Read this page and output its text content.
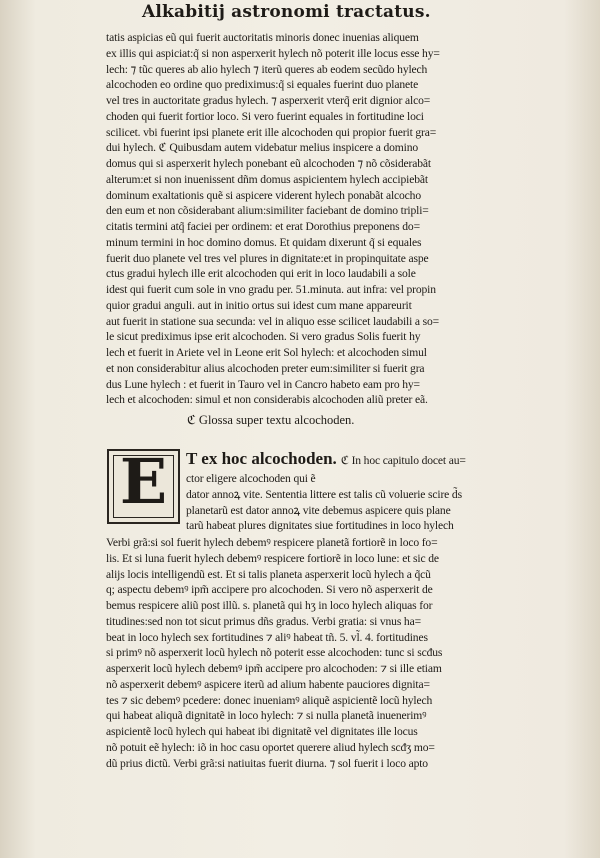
Alkabitij astronomi tractatus.
tatis aspicias eũ qui fuerit auctoritatis minoris donec inuenias aliquem
ex illis qui aspiciat:q̃ si non asperxerit hylech nõ poterit ille locus esse hy=
lech: ⁊ tũc queres ab alio hylech ⁊ iterũ queres ab eodem secũdo hylech
alcochoden eo ordine quo prediximus:q̃ si equales fuerint duo planete
vel tres in auctoritate gradus hylech. ⁊ asperxerit vterq̃ erit dignior alco=
choden qui fuerit fortior loco. Si vero fuerint equales in fortitudine loci
scilicet. vbi fuerint ipsi planete erit ille alcochoden qui propior fuerit gra=
dui hylech. ℭ Quibusdam autem videbatur melius inspicere a domino
domus qui si asperxerit hylech ponebant eũ alcochoden ⁊ nõ cõsiderabãt
alterum:et si non inuenissent dñm domus aspicientem hylech accipiebãt
dominum exaltationis quẽ si aspicere viderent hylech ponabãt alcocho
den eum et non cõsiderabant alium:similiter faciebant de domino tripli=
citatis termini atq̃ faciei per ordinem: et erat Dorothius preponens do=
minum termini in hoc domino domus. Et quidam dixerunt q̃ si equales
fuerit duo planete vel tres vel plures in dignitate:et in propinquitate aspe
ctus gradui hylech ille erit alcochoden qui erit in loco laudabili a sole
idest qui fuerit cum sole in vno gradu per. 51.minuta. aut infra: vel propin
quior gradui anguli. aut in initio ortus sui idest cum mane appareurit
aut fuerit in statione sua secunda: vel in aliquo esse scilicet laudabili a so=
le sicut prediximus ipse erit alcochoden. Si vero gradus Solis fuerit hy
lech et fuerit in Ariete vel in Leone erit Sol hylech: et alcochoden simul
et non considerabitur alius alcochoden preter eum:similiter si fuerit gra
dus Lune hylech : et fuerit in Tauro vel in Cancro habeto eam pro hy=
lech et alcochoden: simul et non considerabis alcochoden aliũ preter eã.
ℭ Glossa super textu alcochoden.
E	T ex hoc alcochoden. ℭ In hoc capitulo docet au=
ctor eligere alcochoden qui ẽ
dator annoꝝ vite. Sententia littere est talis cũ voluerie scire d̃s
planetarũ est dator annoꝝ vite debemus aspicere quis plane
tarũ habeat plures dignitates siue fortitudines in loco hylech
Verbi grã:si sol fuerit hylech debemꝰ respicere planetã fortiorẽ in loco fo=
lis. Et si luna fuerit hylech debemꝰ respicere fortiorẽ in loco lune: et sic de
alijs locis intelligendũ est. Et si talis planeta asperxerit locũ hylech a q̃cũ
q; aspectu debemꝰ ipm̃ accipere pro alcochoden. Si vero nõ asperxerit de
bemus respicere aliũ post illũ. s. planetã qui hʒ in loco hylech aliquas for
titudines:sed non tot sicut primus dñs gradus. Verbi gratia: si vnus ha=
beat in loco hylech sex fortitudines ⁊ aliꝰ habeat tñ. 5. vl̃. 4. fortitudines
si primꝰ nõ asperxerit locũ hylech nõ poterit esse alcochoden: tunc si scđus
asperxerit locũ hylech debemꝰ ipm̃ accipere pro alcochoden: ⁊ si ille etiam
nõ asperxerit debemꝰ aspicere iterũ ad alium habente pauciores dignita=
tes ⁊ sic debemꝰ pcedere: donec inueniamꝰ aliquẽ aspicientẽ locũ hylech
qui habeat aliquã dignitatẽ in loco hylech: ⁊ si nulla planetã inuenerimꝰ
aspicientẽ locũ hylech qui habeat ibi dignitatẽ vel dignitates ille locus
nõ potuit eẽ hylech: iõ in hoc casu oportet querere aliud hylech scđʒ mo=
dũ prius dictũ. Verbi grã:si natiuitas fuerit diurna. ⁊ sol fuerit i loco apto
